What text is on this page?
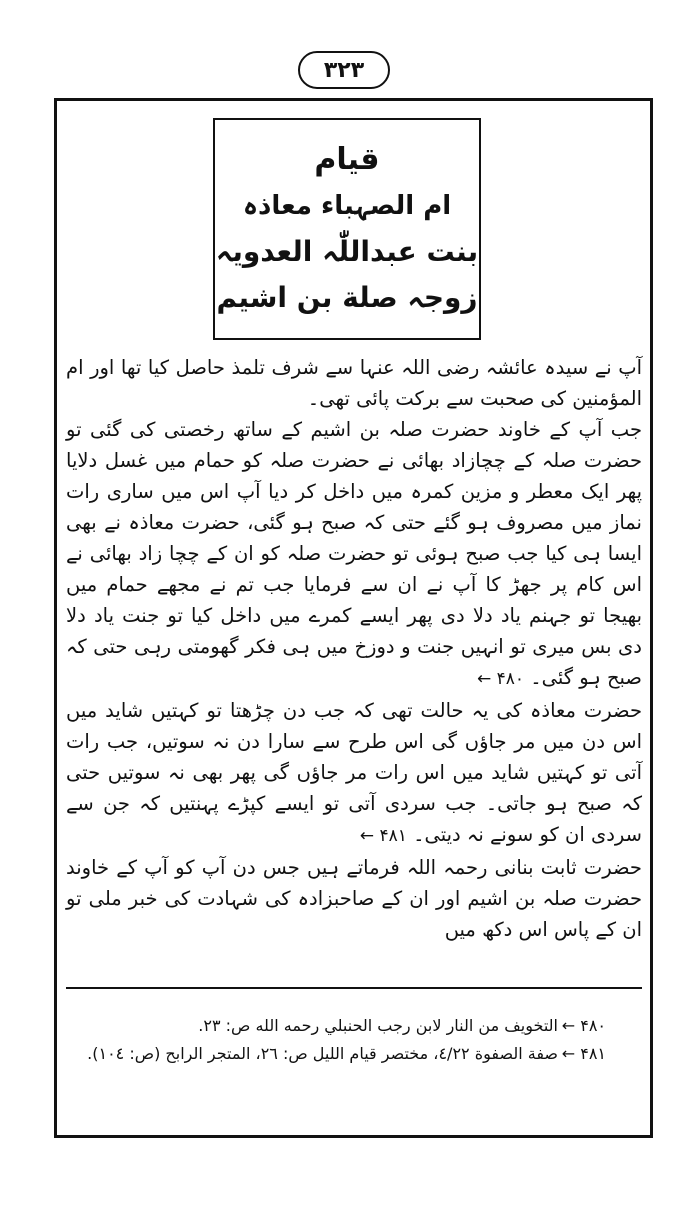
۳۲۳
قیام
ام الصہباء معاذہ
بنت عبداللّٰہ العدویہ
زوجہ صلة بن اشیم

آپ نے سیدہ عائشہ رضی اللہ عنہا سے شرف تلمذ حاصل کیا تھا اور ام المؤمنین کی صحبت سے برکت پائی تھی۔

جب آپ کے خاوند حضرت صلہ بن اشیم کے ساتھ رخصتی کی گئی تو حضرت صلہ کے چچازاد بھائی نے حضرت صلہ کو حمام میں غسل دلایا پھر ایک معطر و مزین کمرہ میں داخل کر دیا آپ اس میں ساری رات نماز میں مصروف ہو گئے حتی کہ صبح ہو گئی، حضرت معاذہ نے بھی ایسا ہی کیا جب صبح ہوئی تو حضرت صلہ کو ان کے چچا زاد بھائی نے اس کام پر جھڑ کا آپ نے ان سے فرمایا جب تم نے مجھے حمام میں بھیجا تو جہنم یاد دلا دی پھر ایسے کمرے میں داخل کیا تو جنت یاد دلا دی بس میری تو انہیں جنت و دوزخ میں ہی فکر گھومتی رہی حتی کہ صبح ہو گئی۔ ۴۸۰ ←

حضرت معاذہ کی یہ حالت تھی کہ جب دن چڑھتا تو کہتیں شاید میں اس دن میں مر جاؤں گی اس طرح سے سارا دن نہ سوتیں، جب رات آتی تو کہتیں شاید میں اس رات مر جاؤں گی پھر بھی نہ سوتیں حتی کہ صبح ہو جاتی۔ جب سردی آتی تو ایسے کپڑے پہنتیں کہ جن سے سردی ان کو سونے نہ دیتی۔ ۴۸۱ ←

حضرت ثابت بنانی رحمہ اللہ فرماتے ہیں جس دن آپ کو آپ کے خاوند حضرت صلہ بن اشیم اور ان کے صاحبزادہ کی شہادت کی خبر ملی تو ان کے پاس اس دکھ میں

۴۸۰ ←
التخويف من النار لابن رجب الحنبلي رحمه الله ص: ٢٣.
۴۸۱ ←
صفة الصفوة ٤/٢٢، مختصر قيام الليل ص: ٢٦، المتجر الرابح (ص: ١٠٤).
